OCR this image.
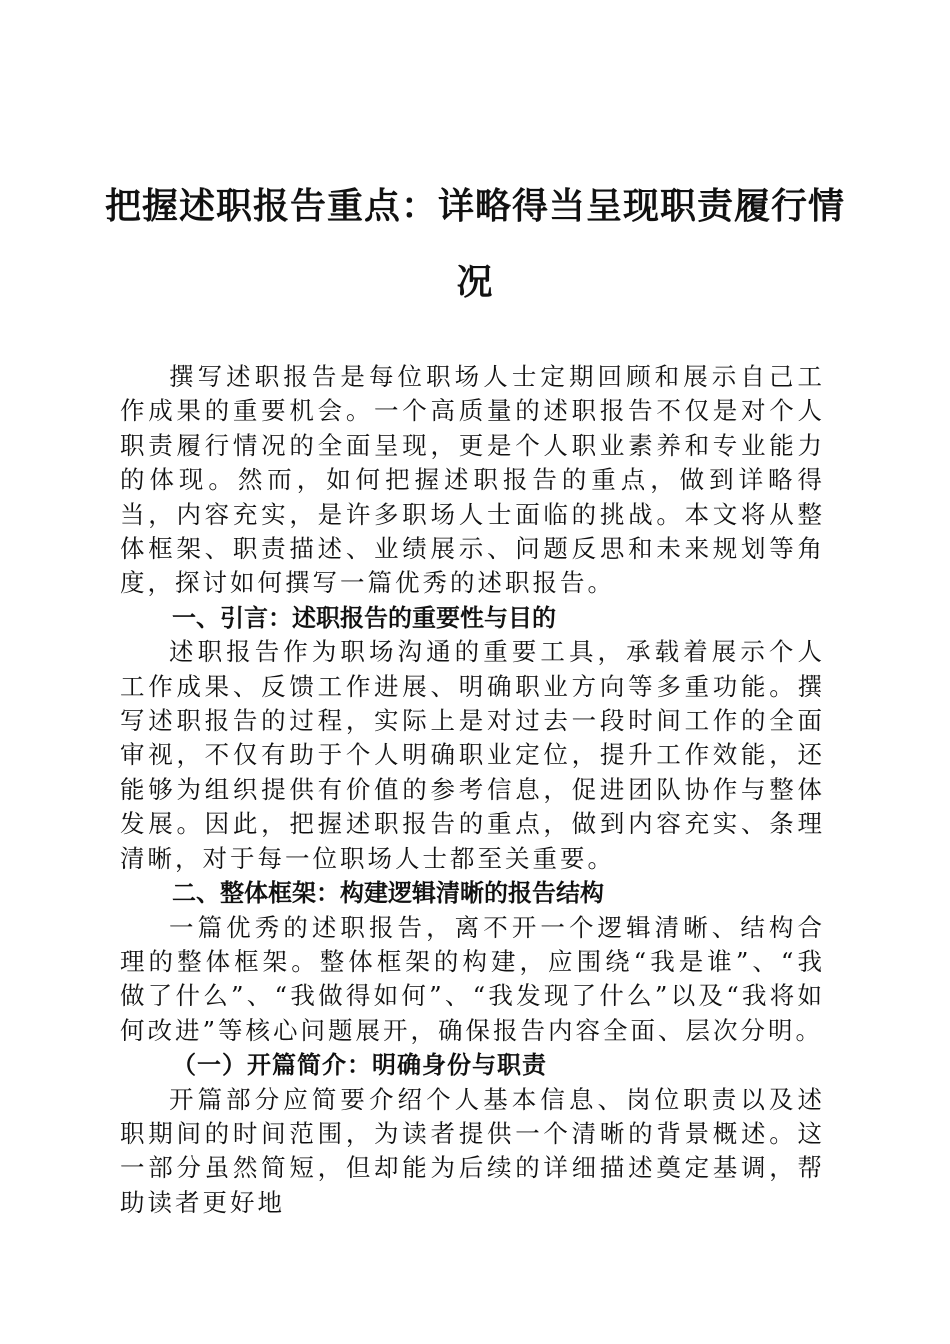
把握述职报告重点：详略得当呈现职责履行情况

撰写述职报告是每位职场人士定期回顾和展示自己工作成果的重要机会。一个高质量的述职报告不仅是对个人职责履行情况的全面呈现，更是个人职业素养和专业能力的体现。然而，如何把握述职报告的重点，做到详略得当，内容充实，是许多职场人士面临的挑战。本文将从整体框架、职责描述、业绩展示、问题反思和未来规划等角度，探讨如何撰写一篇优秀的述职报告。

一、引言：述职报告的重要性与目的

述职报告作为职场沟通的重要工具，承载着展示个人工作成果、反馈工作进展、明确职业方向等多重功能。撰写述职报告的过程，实际上是对过去一段时间工作的全面审视，不仅有助于个人明确职业定位，提升工作效能，还能够为组织提供有价值的参考信息，促进团队协作与整体发展。因此，把握述职报告的重点，做到内容充实、条理清晰，对于每一位职场人士都至关重要。

二、整体框架：构建逻辑清晰的报告结构

一篇优秀的述职报告，离不开一个逻辑清晰、结构合理的整体框架。整体框架的构建，应围绕“我是谁”、“我做了什么”、“我做得如何”、“我发现了什么”以及“我将如何改进”等核心问题展开，确保报告内容全面、层次分明。

（一）开篇简介：明确身份与职责

开篇部分应简要介绍个人基本信息、岗位职责以及述职期间的时间范围，为读者提供一个清晰的背景概述。这一部分虽然简短，但却能为后续的详细描述奠定基调，帮助读者更好地
